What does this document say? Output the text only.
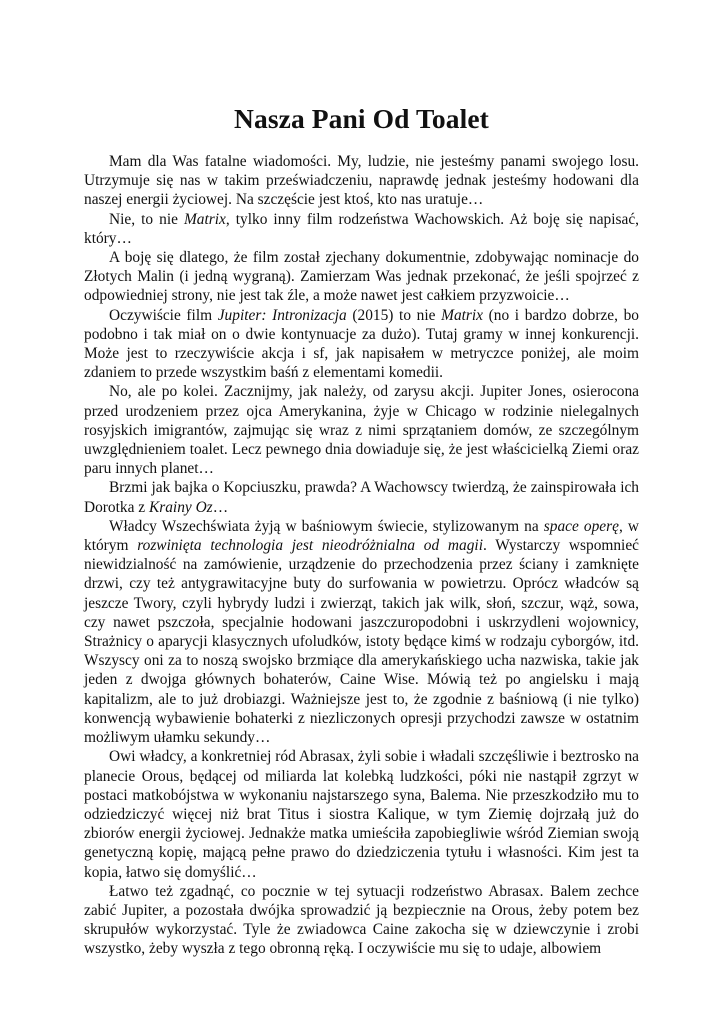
Nasza Pani Od Toalet

Mam dla Was fatalne wiadomości. My, ludzie, nie jesteśmy panami swojego losu. Utrzymuje się nas w takim przeświadczeniu, naprawdę jednak jesteśmy hodowani dla naszej energii życiowej. Na szczęście jest ktoś, kto nas uratuje…

Nie, to nie Matrix, tylko inny film rodzeństwa Wachowskich. Aż boję się napisać, który…

A boję się dlatego, że film został zjechany dokumentnie, zdobywając nominacje do Złotych Malin (i jedną wygraną). Zamierzam Was jednak przekonać, że jeśli spojrzeć z odpowiedniej strony, nie jest tak źle, a może nawet jest całkiem przyzwoicie…

Oczywiście film Jupiter: Intronizacja (2015) to nie Matrix (no i bardzo dobrze, bo podobno i tak miał on o dwie kontynuacje za dużo). Tutaj gramy w innej konkurencji. Może jest to rzeczywiście akcja i sf, jak napisałem w metryczce poniżej, ale moim zdaniem to przede wszystkim baśń z elementami komedii.

No, ale po kolei. Zacznijmy, jak należy, od zarysu akcji. Jupiter Jones, osierocona przed urodzeniem przez ojca Amerykanina, żyje w Chicago w rodzinie nielegalnych rosyjskich imigrantów, zajmując się wraz z nimi sprzątaniem domów, ze szczególnym uwzględnieniem toalet. Lecz pewnego dnia dowiaduje się, że jest właścicielką Ziemi oraz paru innych planet…

Brzmi jak bajka o Kopciuszku, prawda? A Wachowscy twierdzą, że zainspirowała ich Dorotka z Krainy Oz…

Władcy Wszechświata żyją w baśniowym świecie, stylizowanym na space operę, w którym rozwinięta technologia jest nieodróżnialna od magii. Wystarczy wspomnieć niewidzialność na zamówienie, urządzenie do przechodzenia przez ściany i zamknięte drzwi, czy też antygrawitacyjne buty do surfowania w powietrzu. Oprócz władców są jeszcze Twory, czyli hybrydy ludzi i zwierząt, takich jak wilk, słoń, szczur, wąż, sowa, czy nawet pszczoła, specjalnie hodowani jaszczuropodobni i uskrzydleni wojownicy, Strażnicy o aparycji klasycznych ufoludków, istoty będące kimś w rodzaju cyborgów, itd. Wszyscy oni za to noszą swojsko brzmiące dla amerykańskiego ucha nazwiska, takie jak jeden z dwojga głównych bohaterów, Caine Wise. Mówią też po angielsku i mają kapitalizm, ale to już drobiazgi. Ważniejsze jest to, że zgodnie z baśniową (i nie tylko) konwencją wybawienie bohaterki z niezliczonych opresji przychodzi zawsze w ostatnim możliwym ułamku sekundy…

Owi władcy, a konkretniej ród Abrasax, żyli sobie i władali szczęśliwie i beztrosko na planecie Orous, będącej od miliarda lat kolebką ludzkości, póki nie nastąpił zgrzyt w postaci matkobójstwa w wykonaniu najstarszego syna, Balema. Nie przeszkodziło mu to odziedziczyć więcej niż brat Titus i siostra Kalique, w tym Ziemię dojrzałą już do zbiorów energii życiowej. Jednakże matka umieściła zapobiegliwie wśród Ziemian swoją genetyczną kopię, mającą pełne prawo do dziedziczenia tytułu i własności. Kim jest ta kopia, łatwo się domyślić…

Łatwo też zgadnąć, co pocznie w tej sytuacji rodzeństwo Abrasax. Balem zechce zabić Jupiter, a pozostała dwójka sprowadzić ją bezpiecznie na Orous, żeby potem bez skrupułów wykorzystać. Tyle że zwiadowca Caine zakocha się w dziewczynie i zrobi wszystko, żeby wyszła z tego obronną ręką. I oczywiście mu się to udaje, albowiem
